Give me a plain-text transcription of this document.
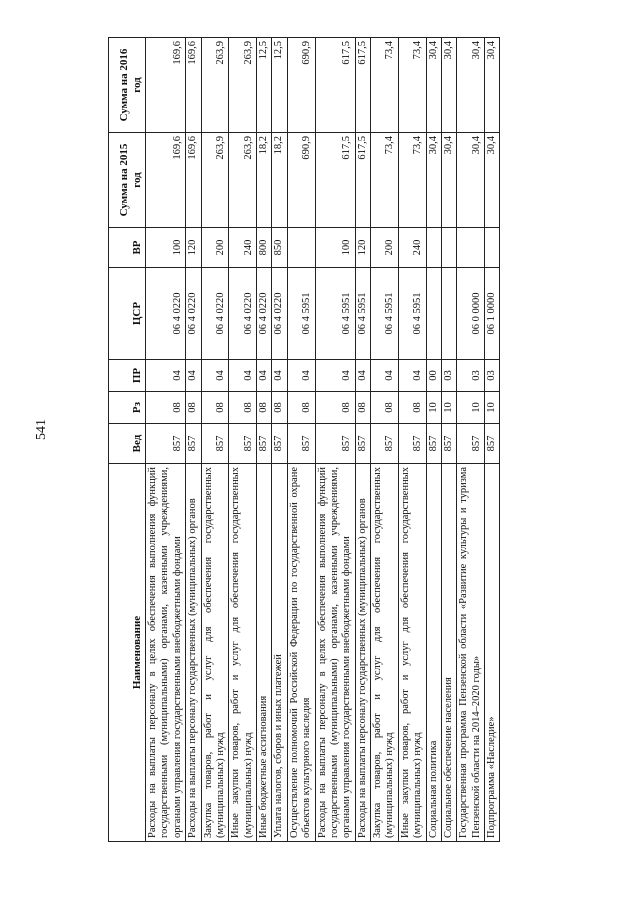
541
Наименование	Вед	Рз	ПР	ЦСР	ВР	Сумма на 2015 год	Сумма на 2016 год
Расходы на выплаты персоналу в целях обеспечения выполнения функций государственными (муниципальными) органами, казенными учреждениями, органами управления государственными внебюджетными фондами	857	08	04	06 4 0220	100	169,6	169,6
Расходы на выплаты персоналу государственных (муниципальных) органов	857	08	04	06 4 0220	120	169,6	169,6
Закупка товаров, работ и услуг для обеспечения государственных (муниципальных) нужд	857	08	04	06 4 0220	200	263,9	263,9
Иные закупки товаров, работ и услуг для обеспечения государственных (муниципальных) нужд	857	08	04	06 4 0220	240	263,9	263,9
Иные бюджетные ассигнования	857	08	04	06 4 0220	800	18,2	12,5
Уплата налогов, сборов и иных платежей	857	08	04	06 4 0220	850	18,2	12,5
Осуществление полномочий Российской Федерации по государственной охране объектов культурного наследия	857	08	04	06 4 5951		690,9	690,9
Расходы на выплаты персоналу в целях обеспечения выполнения функций государственными (муниципальными) органами, казенными учреждениями, органами управления государственными внебюджетными фондами	857	08	04	06 4 5951	100	617,5	617,5
Расходы на выплаты персоналу государственных (муниципальных) органов	857	08	04	06 4 5951	120	617,5	617,5
Закупка товаров, работ и услуг для обеспечения государственных (муниципальных) нужд	857	08	04	06 4 5951	200	73,4	73,4
Иные закупки товаров, работ и услуг для обеспечения государственных (муниципальных) нужд	857	08	04	06 4 5951	240	73,4	73,4
Социальная политика	857	10	00			30,4	30,4
Социальное обеспечение населения	857	10	03			30,4	30,4
Государственная программа Пензенской области «Развитие культуры и туризма Пензенской области на 2014–2020 годы»	857	10	03	06 0 0000		30,4	30,4
Подпрограмма «Наследие»	857	10	03	06 1 0000		30,4	30,4
